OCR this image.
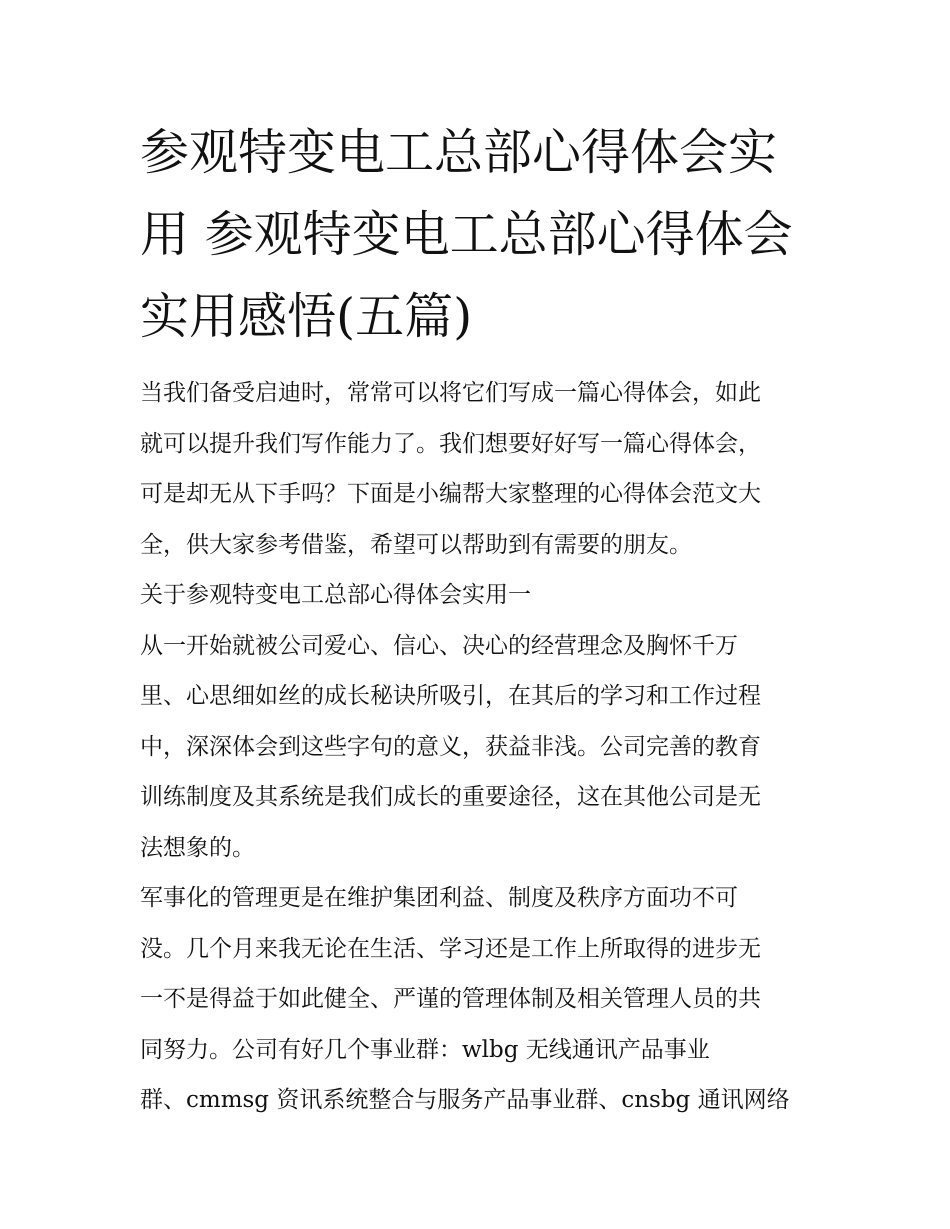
参观特变电工总部心得体会实
用 参观特变电工总部心得体会
实用感悟(五篇)
当我们备受启迪时，常常可以将它们写成一篇心得体会，如此
就可以提升我们写作能力了。我们想要好好写一篇心得体会，
可是却无从下手吗？下面是小编帮大家整理的心得体会范文大
全，供大家参考借鉴，希望可以帮助到有需要的朋友。
关于参观特变电工总部心得体会实用一
从一开始就被公司爱心、信心、决心的经营理念及胸怀千万
里、心思细如丝的成长秘诀所吸引，在其后的学习和工作过程
中，深深体会到这些字句的意义，获益非浅。公司完善的教育
训练制度及其系统是我们成长的重要途径，这在其他公司是无
法想象的。
军事化的管理更是在维护集团利益、制度及秩序方面功不可
没。几个月来我无论在生活、学习还是工作上所取得的进步无
一不是得益于如此健全、严谨的管理体制及相关管理人员的共
同努力。公司有好几个事业群：wlbg 无线通讯产品事业
群、cmmsg 资讯系统整合与服务产品事业群、cnsbg 通讯网络
